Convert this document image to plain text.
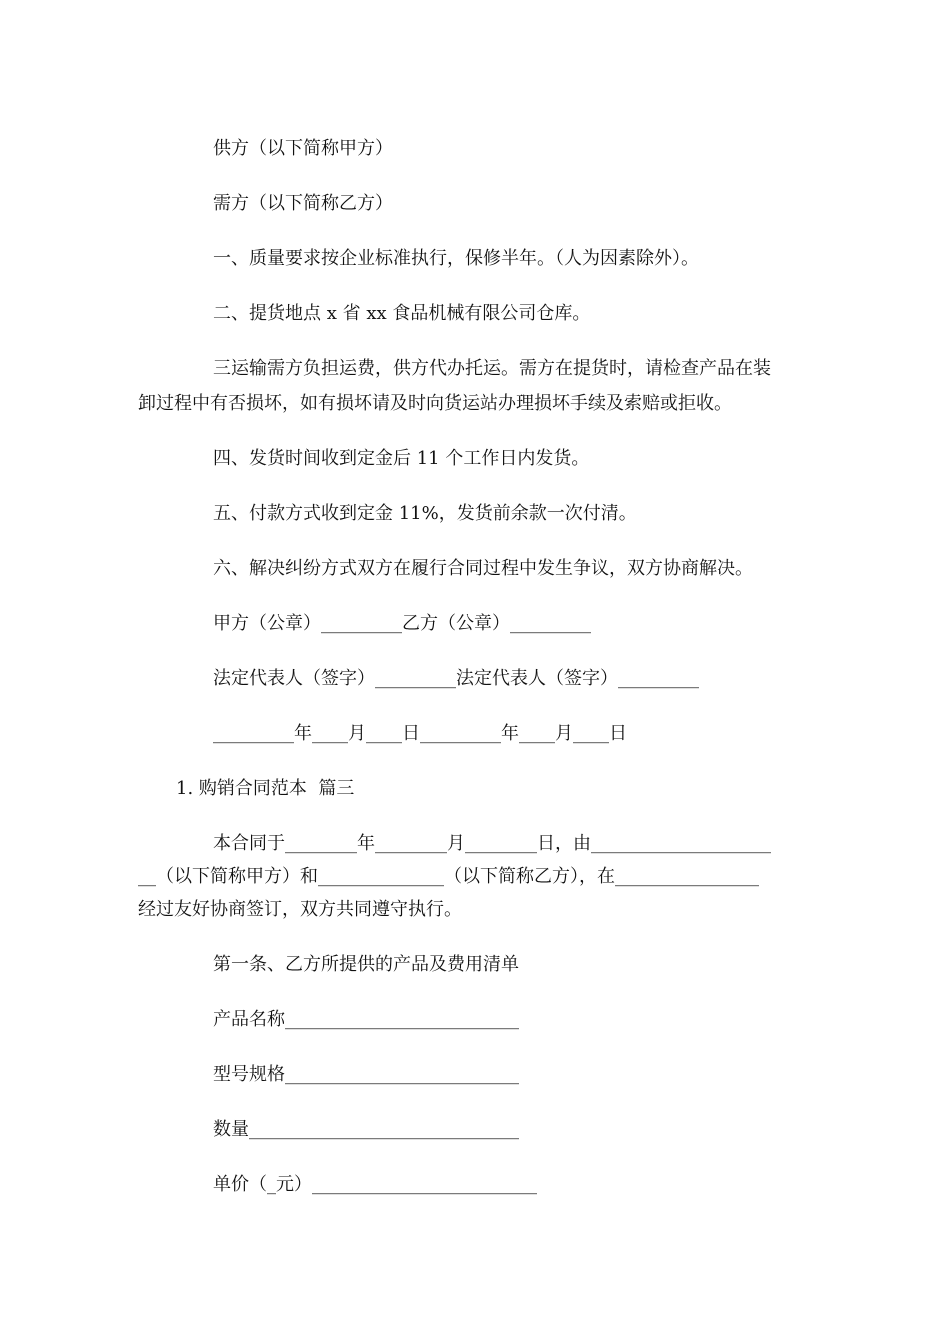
供方（以下简称甲方）
需方（以下简称乙方）
一、质量要求按企业标准执行，保修半年。（人为因素除外）。
二、提货地点 x 省 xx 食品机械有限公司仓库。
三运输需方负担运费，供方代办托运。需方在提货时，请检查产品在装
卸过程中有否损坏，如有损坏请及时向货运站办理损坏手续及索赔或拒收。
四、发货时间收到定金后 11 个工作日内发货。
五、付款方式收到定金 11%，发货前余款一次付清。
六、解决纠纷方式双方在履行合同过程中发生争议，双方协商解决。
甲方（公章）_________乙方（公章）_________
法定代表人（签字）_________法定代表人（签字）_________
_________年____月____日_________年____月____日
1. 购销合同范本  篇三
本合同于________年________月________日，由____________________
__（以下简称甲方）和______________（以下简称乙方），在________________
经过友好协商签订，双方共同遵守执行。
第一条、乙方所提供的产品及费用清单
产品名称__________________________
型号规格__________________________
数量______________________________
单价（_元）_________________________
